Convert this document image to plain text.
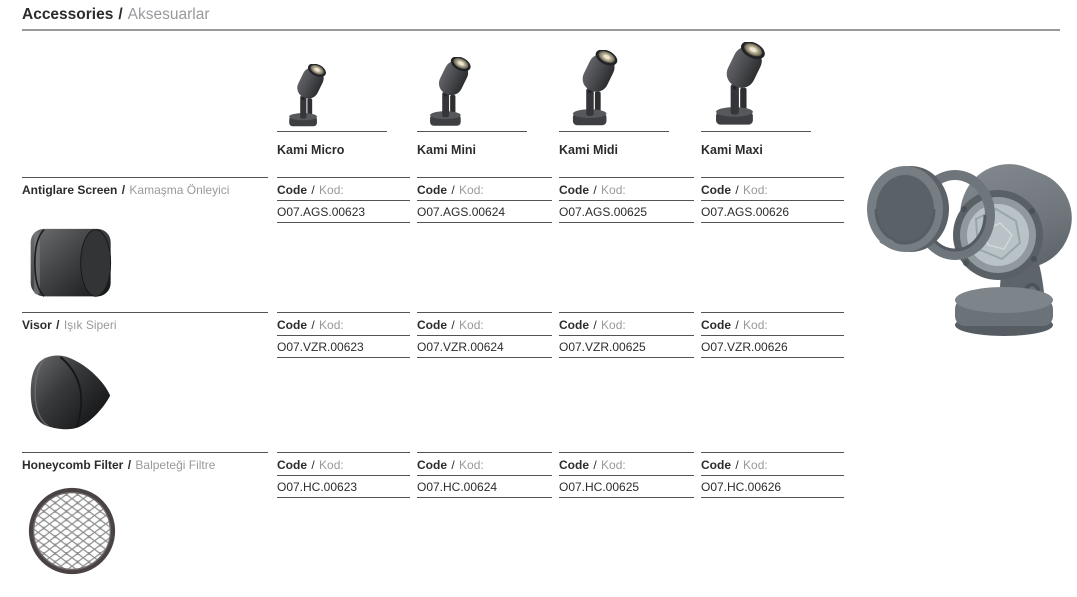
Accessories / Aksesuarlar
Kami Micro	Kami Mini	Kami Midi	Kami Maxi
Antiglare Screen / Kamaşma Önleyici	Code / Kod:	Code / Kod:	Code / Kod:	Code / Kod:
O07.AGS.00623	O07.AGS.00624	O07.AGS.00625	O07.AGS.00626
Visor / Işık Siperi	Code / Kod:	Code / Kod:	Code / Kod:	Code / Kod:
O07.VZR.00623	O07.VZR.00624	O07.VZR.00625	O07.VZR.00626
Honeycomb Filter / Balpeteği Filtre	Code / Kod:	Code / Kod:	Code / Kod:	Code / Kod:
O07.HC.00623	O07.HC.00624	O07.HC.00625	O07.HC.00626
